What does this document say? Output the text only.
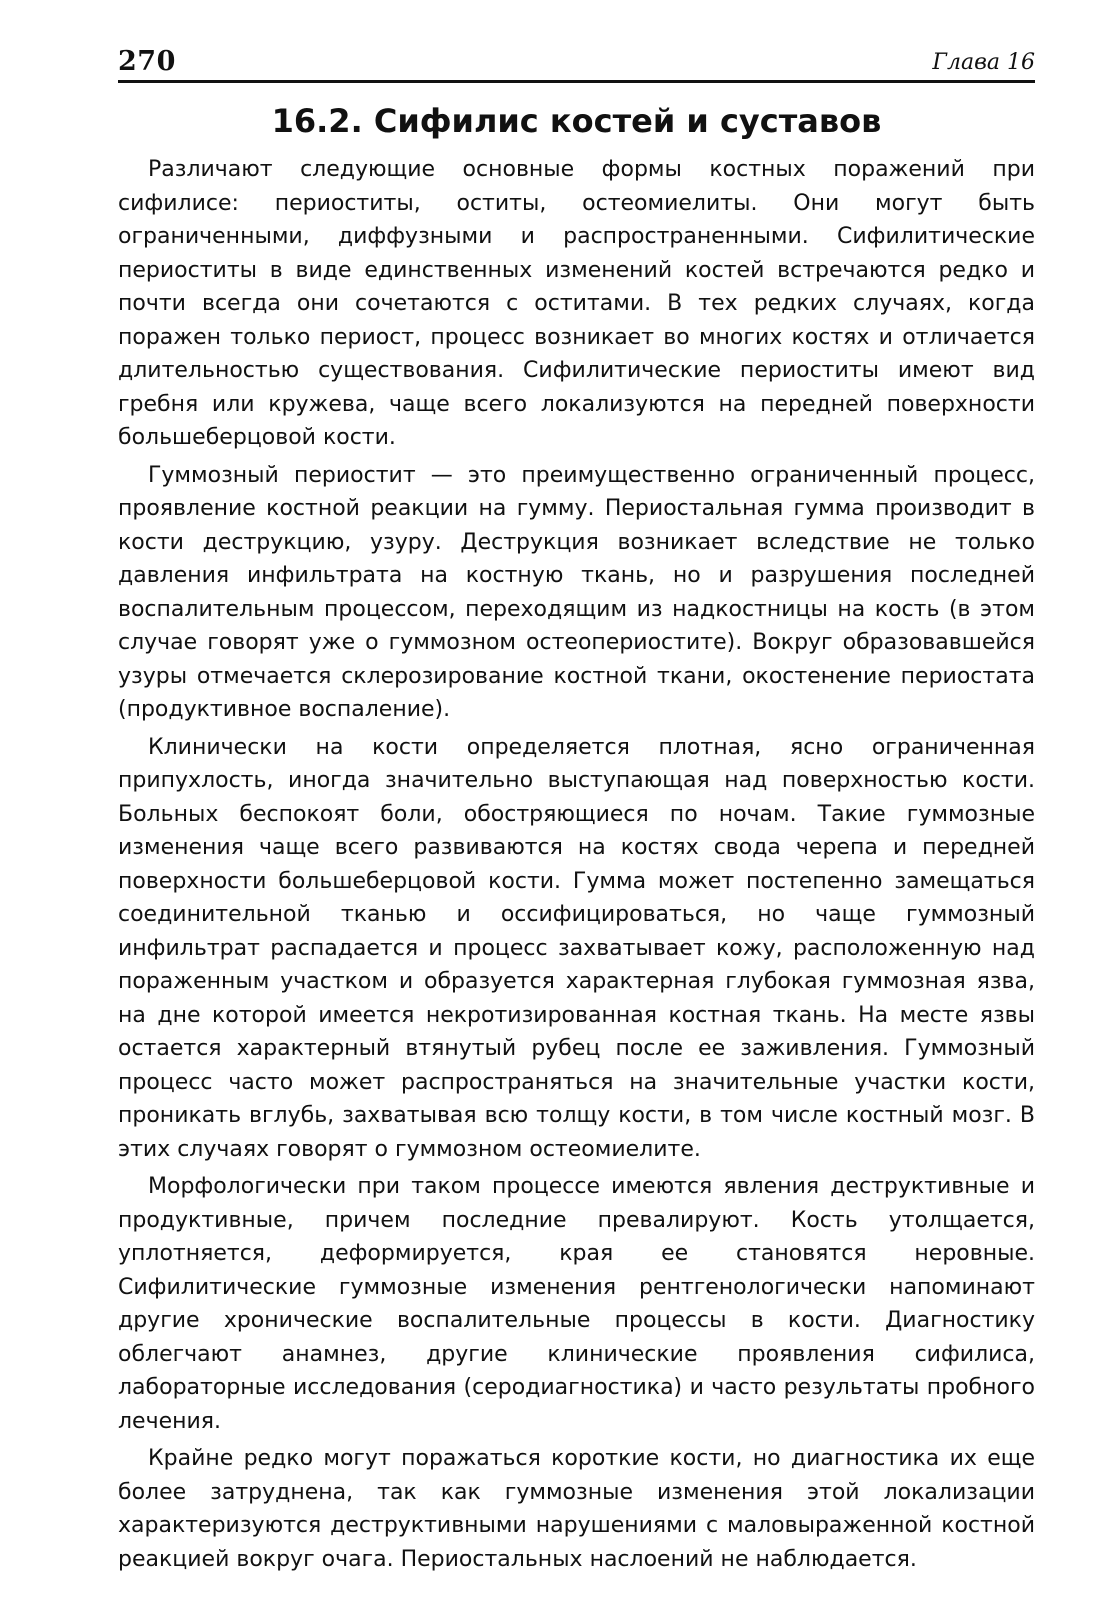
270	Глава 16
16.2. Сифилис костей и суставов

Различают следующие основные формы костных поражений при сифилисе: периоститы, оститы, остеомиелиты. Они могут быть ограниченными, диффузными и распространенными. Сифилитические периоститы в виде единственных изменений костей встречаются редко и почти всегда они сочетаются с оститами. В тех редких случаях, когда поражен только периост, процесс возникает во многих костях и отличается длительностью существования. Сифилитические периоститы имеют вид гребня или кружева, чаще всего локализуются на передней поверхности большеберцовой кости.

Гуммозный периостит — это преимущественно ограниченный процесс, проявление костной реакции на гумму. Периостальная гумма производит в кости деструкцию, узуру. Деструкция возникает вследствие не только давления инфильтрата на костную ткань, но и разрушения последней воспалительным процессом, переходящим из надкостницы на кость (в этом случае говорят уже о гуммозном остеопериостите). Вокруг образовавшейся узуры отмечается склерозирование костной ткани, окостенение периостата (продуктивное воспаление).

Клинически на кости определяется плотная, ясно ограниченная припухлость, иногда значительно выступающая над поверхностью кости. Больных беспокоят боли, обостряющиеся по ночам. Такие гуммозные изменения чаще всего развиваются на костях свода черепа и передней поверхности большеберцовой кости. Гумма может постепенно замещаться соединительной тканью и оссифицироваться, но чаще гуммозный инфильтрат распадается и процесс захватывает кожу, расположенную над пораженным участком и образуется характерная глубокая гуммозная язва, на дне которой имеется некротизированная костная ткань. На месте язвы остается характерный втянутый рубец после ее заживления. Гуммозный процесс часто может распространяться на значительные участки кости, проникать вглубь, захватывая всю толщу кости, в том числе костный мозг. В этих случаях говорят о гуммозном остеомиелите.

Морфологически при таком процессе имеются явления деструктивные и продуктивные, причем последние превалируют. Кость утолщается, уплотняется, деформируется, края ее становятся неровные. Сифилитические гуммозные изменения рентгенологически напоминают другие хронические воспалительные процессы в кости. Диагностику облегчают анамнез, другие клинические проявления сифилиса, лабораторные исследования (серодиагностика) и часто результаты пробного лечения.

Крайне редко могут поражаться короткие кости, но диагностика их еще более затруднена, так как гуммозные изменения этой локализации характеризуются деструктивными нарушениями с маловыраженной костной реакцией вокруг очага. Периостальных наслоений не наблюдается.
